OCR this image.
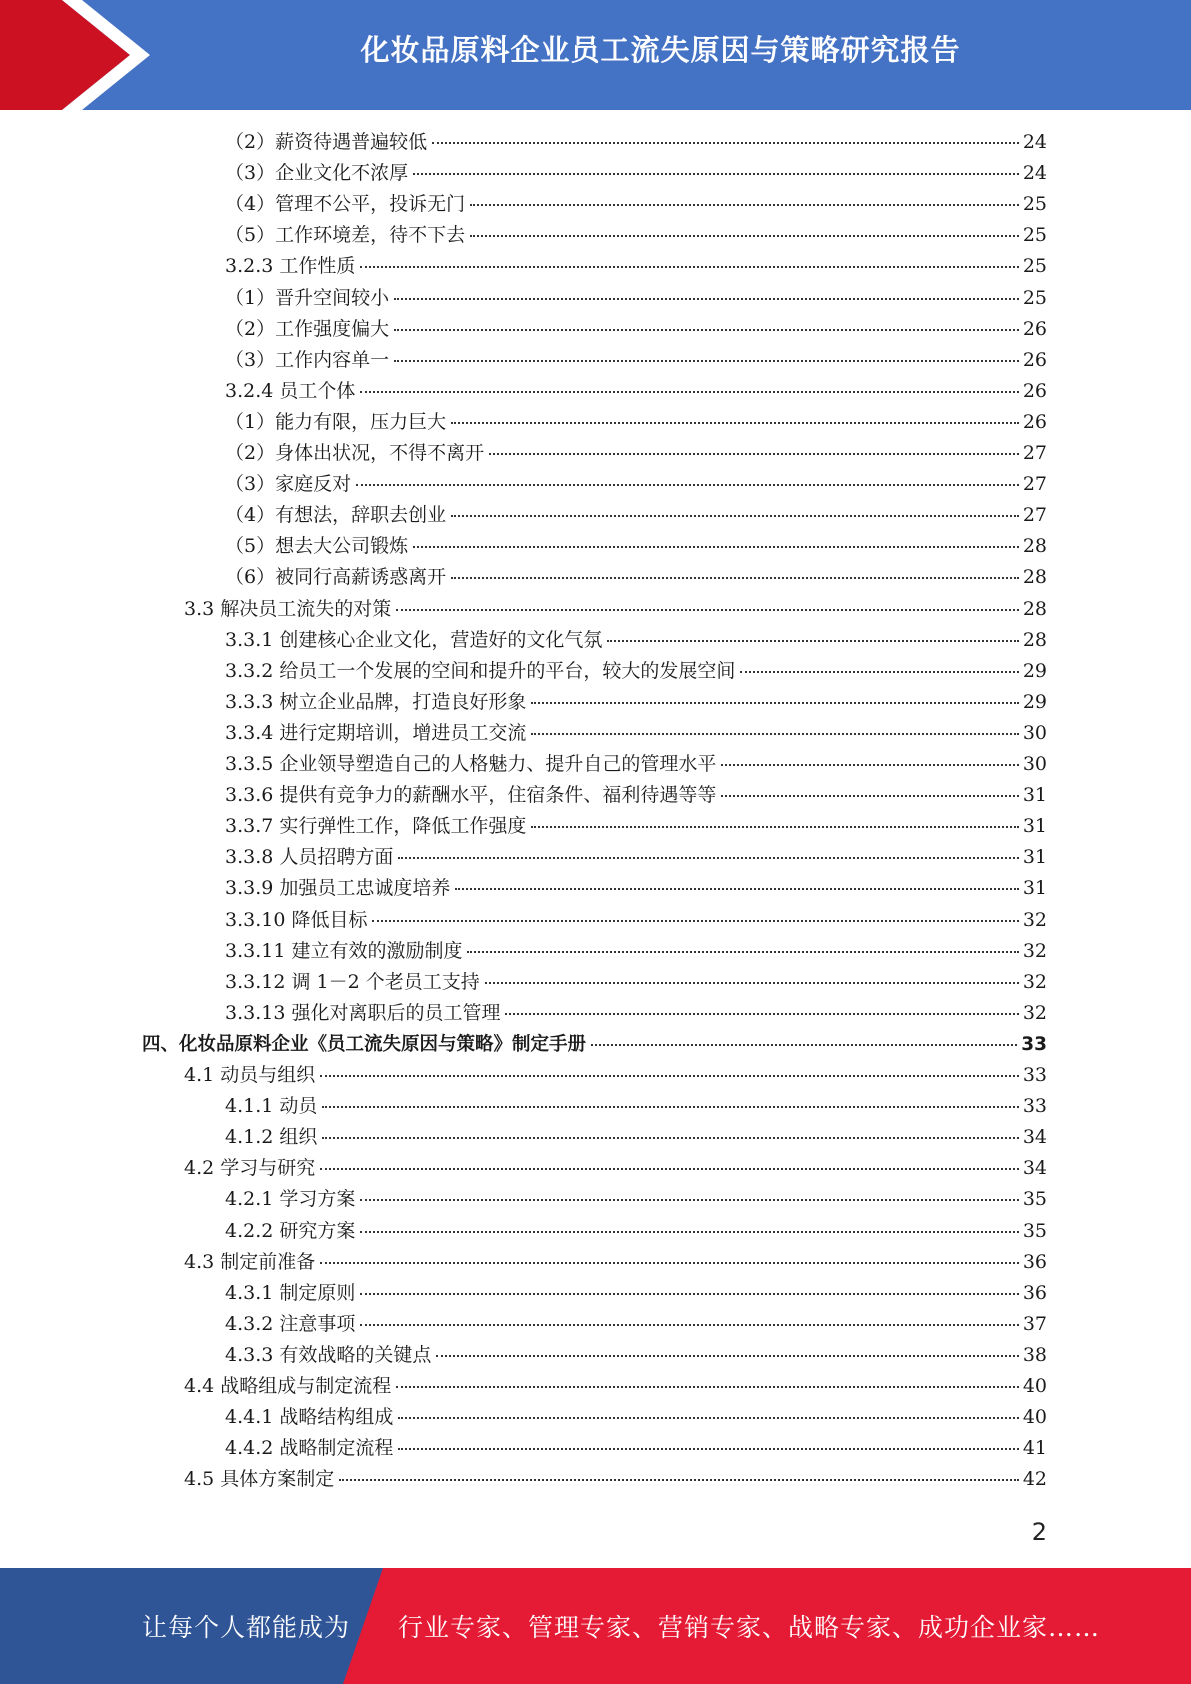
化妆品原料企业员工流失原因与策略研究报告
（2）薪资待遇普遍较低	24
（3）企业文化不浓厚	24
（4）管理不公平，投诉无门	25
（5）工作环境差，待不下去	25
3.2.3 工作性质	25
（1）晋升空间较小	25
（2）工作强度偏大	26
（3）工作内容单一	26
3.2.4 员工个体	26
（1）能力有限，压力巨大	26
（2）身体出状况，不得不离开	27
（3）家庭反对	27
（4）有想法，辞职去创业	27
（5）想去大公司锻炼	28
（6）被同行高薪诱惑离开	28
3.3 解决员工流失的对策	28
3.3.1 创建核心企业文化，营造好的文化气氛	28
3.3.2 给员工一个发展的空间和提升的平台，较大的发展空间	29
3.3.3 树立企业品牌，打造良好形象	29
3.3.4 进行定期培训，增进员工交流	30
3.3.5 企业领导塑造自己的人格魅力、提升自己的管理水平	30
3.3.6 提供有竞争力的薪酬水平，住宿条件、福利待遇等等	31
3.3.7 实行弹性工作，降低工作强度	31
3.3.8 人员招聘方面	31
3.3.9 加强员工忠诚度培养	31
3.3.10 降低目标	32
3.3.11 建立有效的激励制度	32
3.3.12 调 1－2 个老员工支持	32
3.3.13 强化对离职后的员工管理	32
四、化妆品原料企业《员工流失原因与策略》制定手册	33
4.1 动员与组织	33
4.1.1 动员	33
4.1.2 组织	34
4.2 学习与研究	34
4.2.1 学习方案	35
4.2.2 研究方案	35
4.3 制定前准备	36
4.3.1 制定原则	36
4.3.2 注意事项	37
4.3.3 有效战略的关键点	38
4.4 战略组成与制定流程	40
4.4.1 战略结构组成	40
4.4.2 战略制定流程	41
4.5 具体方案制定	42
2
让每个人都能成为 行业专家、管理专家、营销专家、战略专家、成功企业家……
